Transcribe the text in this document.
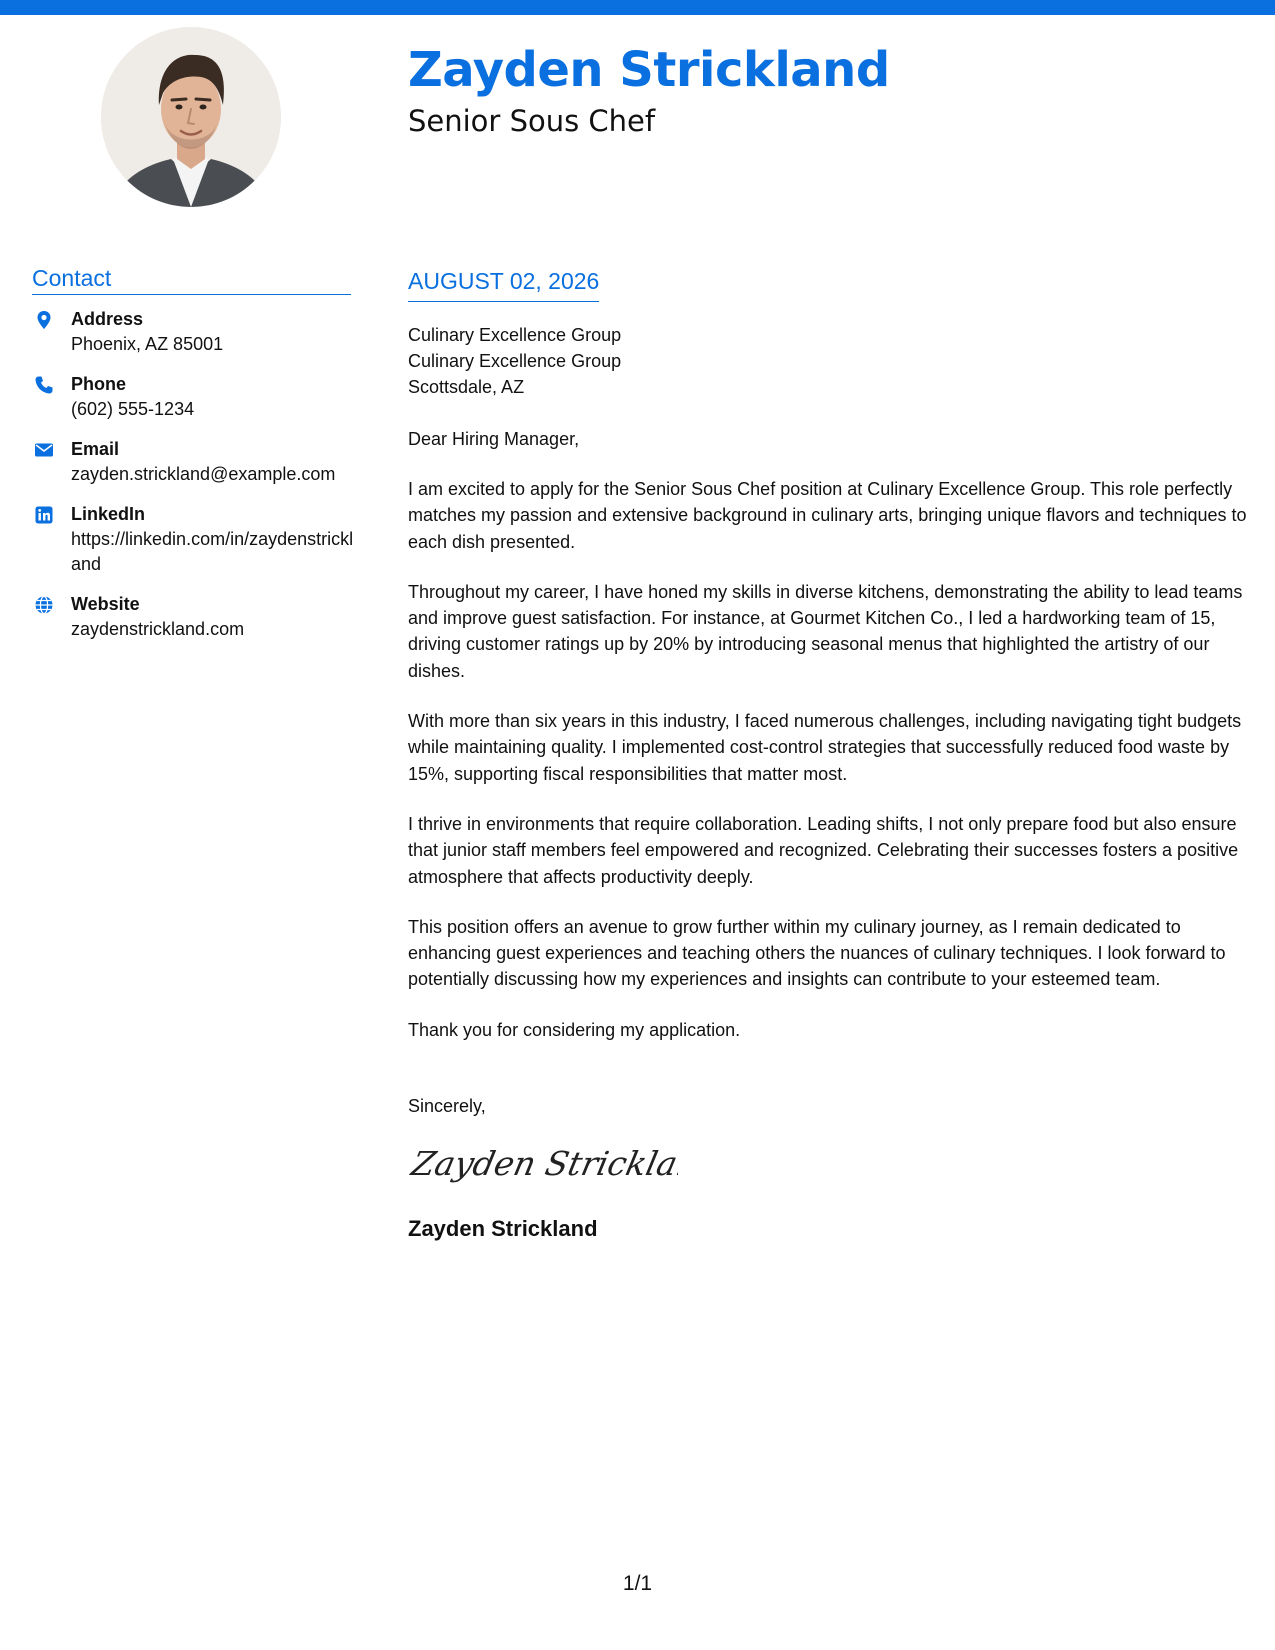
Zayden Strickland
Senior Sous Chef
Contact
Address
Phoenix, AZ 85001
Phone
(602) 555-1234
Email
zayden.strickland@example.com
LinkedIn
https://linkedin.com/in/zaydenstrickland
Website
zaydenstrickland.com
AUGUST 02, 2026
Culinary Excellence Group
Culinary Excellence Group
Scottsdale, AZ
Dear Hiring Manager,

I am excited to apply for the Senior Sous Chef position at Culinary Excellence Group. This role perfectly matches my passion and extensive background in culinary arts, bringing unique flavors and techniques to each dish presented.

Throughout my career, I have honed my skills in diverse kitchens, demonstrating the ability to lead teams and improve guest satisfaction. For instance, at Gourmet Kitchen Co., I led a hardworking team of 15, driving customer ratings up by 20% by introducing seasonal menus that highlighted the artistry of our dishes.

With more than six years in this industry, I faced numerous challenges, including navigating tight budgets while maintaining quality. I implemented cost-control strategies that successfully reduced food waste by 15%, supporting fiscal responsibilities that matter most.

I thrive in environments that require collaboration. Leading shifts, I not only prepare food but also ensure that junior staff members feel empowered and recognized. Celebrating their successes fosters a positive atmosphere that affects productivity deeply.

This position offers an avenue to grow further within my culinary journey, as I remain dedicated to enhancing guest experiences and teaching others the nuances of culinary techniques. I look forward to potentially discussing how my experiences and insights can contribute to your esteemed team.

Thank you for considering my application.

Sincerely,
Zayden Stricklan
Zayden Strickland
1/1
